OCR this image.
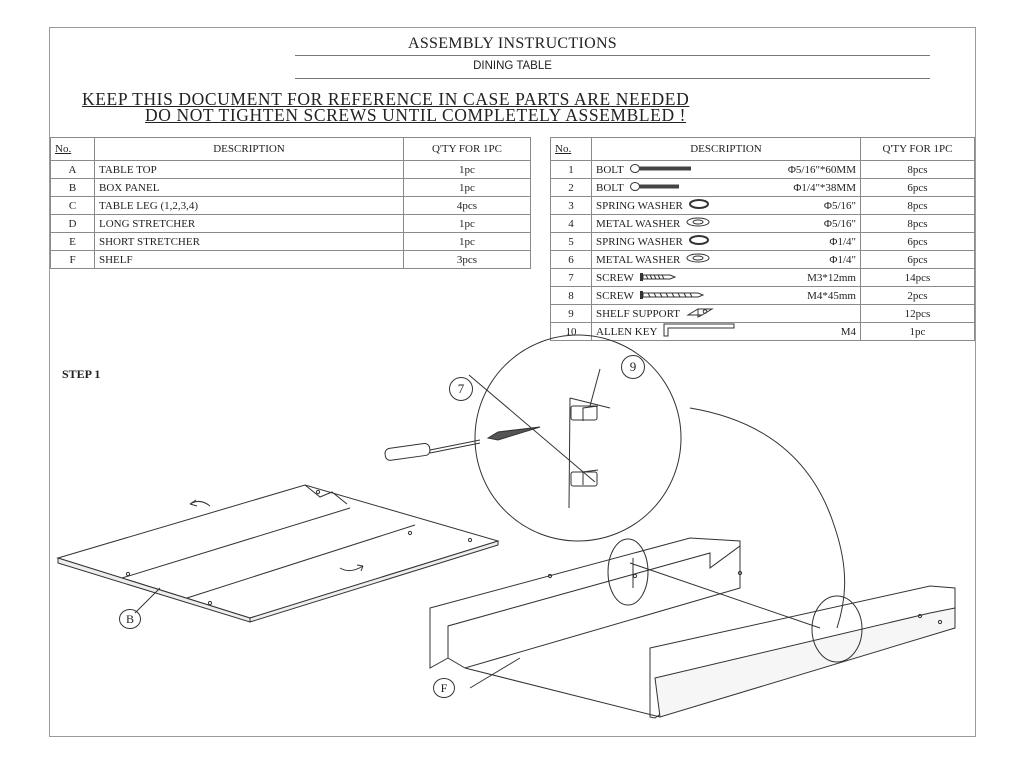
ASSEMBLY INSTRUCTIONS
DINING TABLE
KEEP THIS DOCUMENT FOR REFERENCE IN CASE PARTS ARE NEEDED
DO NOT TIGHTEN SCREWS UNTIL COMPLETELY ASSEMBLED !
No.	DESCRIPTION	Q'TY FOR 1PC
A	TABLE TOP	1pc
B	BOX PANEL	1pc
C	TABLE LEG (1,2,3,4)	4pcs
D	LONG STRETCHER	1pc
E	SHORT STRETCHER	1pc
F	SHELF	3pcs
No.	DESCRIPTION	Q'TY FOR 1PC
1	BOLT Φ5/16"*60MM	8pcs
2	BOLT Φ1/4"*38MM	6pcs
3	SPRING WASHER Φ5/16"	8pcs
4	METAL WASHER Φ5/16"	8pcs
5	SPRING WASHER Φ1/4"	6pcs
6	METAL WASHER Φ1/4"	6pcs
7	SCREW M3*12mm	14pcs
8	SCREW M4*45mm	2pcs
9	SHELF SUPPORT	12pcs
10	ALLEN KEY M4	1pc
STEP 1
7
9
B
F
